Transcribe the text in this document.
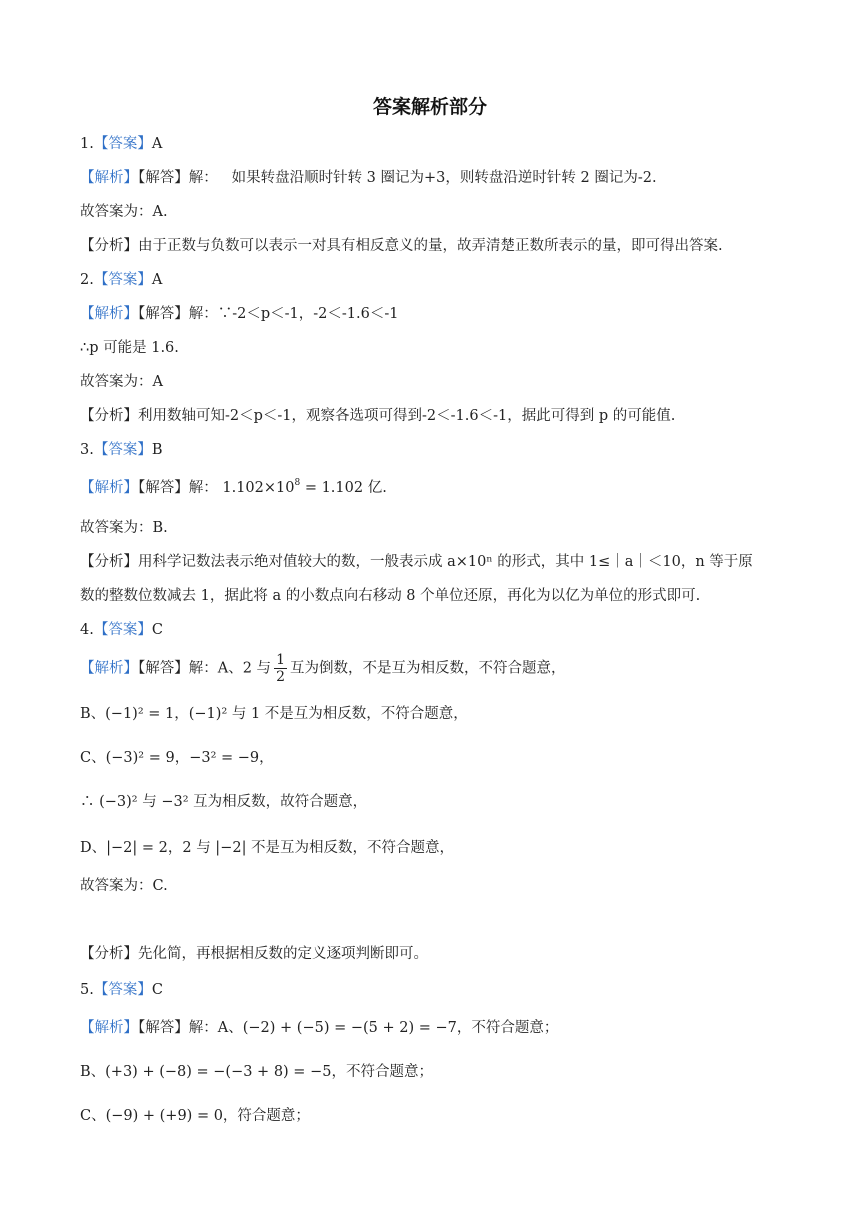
答案解析部分
1.【答案】A
【解析】【解答】解： 如果转盘沿顺时针转 3 圈记为+3，则转盘沿逆时针转 2 圈记为-2.
故答案为：A.
【分析】由于正数与负数可以表示一对具有相反意义的量，故弄清楚正数所表示的量，即可得出答案.
2.【答案】A
【解析】【解答】解：∵-2＜p＜-1，-2＜-1.6＜-1
∴p 可能是 1.6.
故答案为：A
【分析】利用数轴可知-2＜p＜-1，观察各选项可得到-2＜-1.6＜-1，据此可得到 p 的可能值.
3.【答案】B
【解析】【解答】解： $1.102\times 10^8 = 1.102$ 亿.
故答案为：B.
【分析】用科学记数法表示绝对值较大的数，一般表示成 a×10ⁿ 的形式，其中 1≤｜a｜＜10，n 等于原
数的整数位数减去 1，据此将 a 的小数点向右移动 8 个单位还原，再化为以亿为单位的形式即可.
4.【答案】C
【解析】【解答】解：A、2 与 $\frac{1}{2}$ 互为倒数，不是互为相反数，不符合题意，
B、(−1)² = 1，(−1)² 与 1 不是互为相反数，不符合题意，
C、(−3)² = 9，−3² = −9，
∴ (−3)² 与 −3² 互为相反数，故符合题意，
D、|−2| = 2，2 与 |−2| 不是互为相反数，不符合题意，
故答案为：C.
【分析】先化简，再根据相反数的定义逐项判断即可。
5.【答案】C
【解析】【解答】解：A、(−2) + (−5) = −(5 + 2) = −7，不符合题意；
B、(+3) + (−8) = −(−3 + 8) = −5，不符合题意；
C、(−9) + (+9) = 0，符合题意；
